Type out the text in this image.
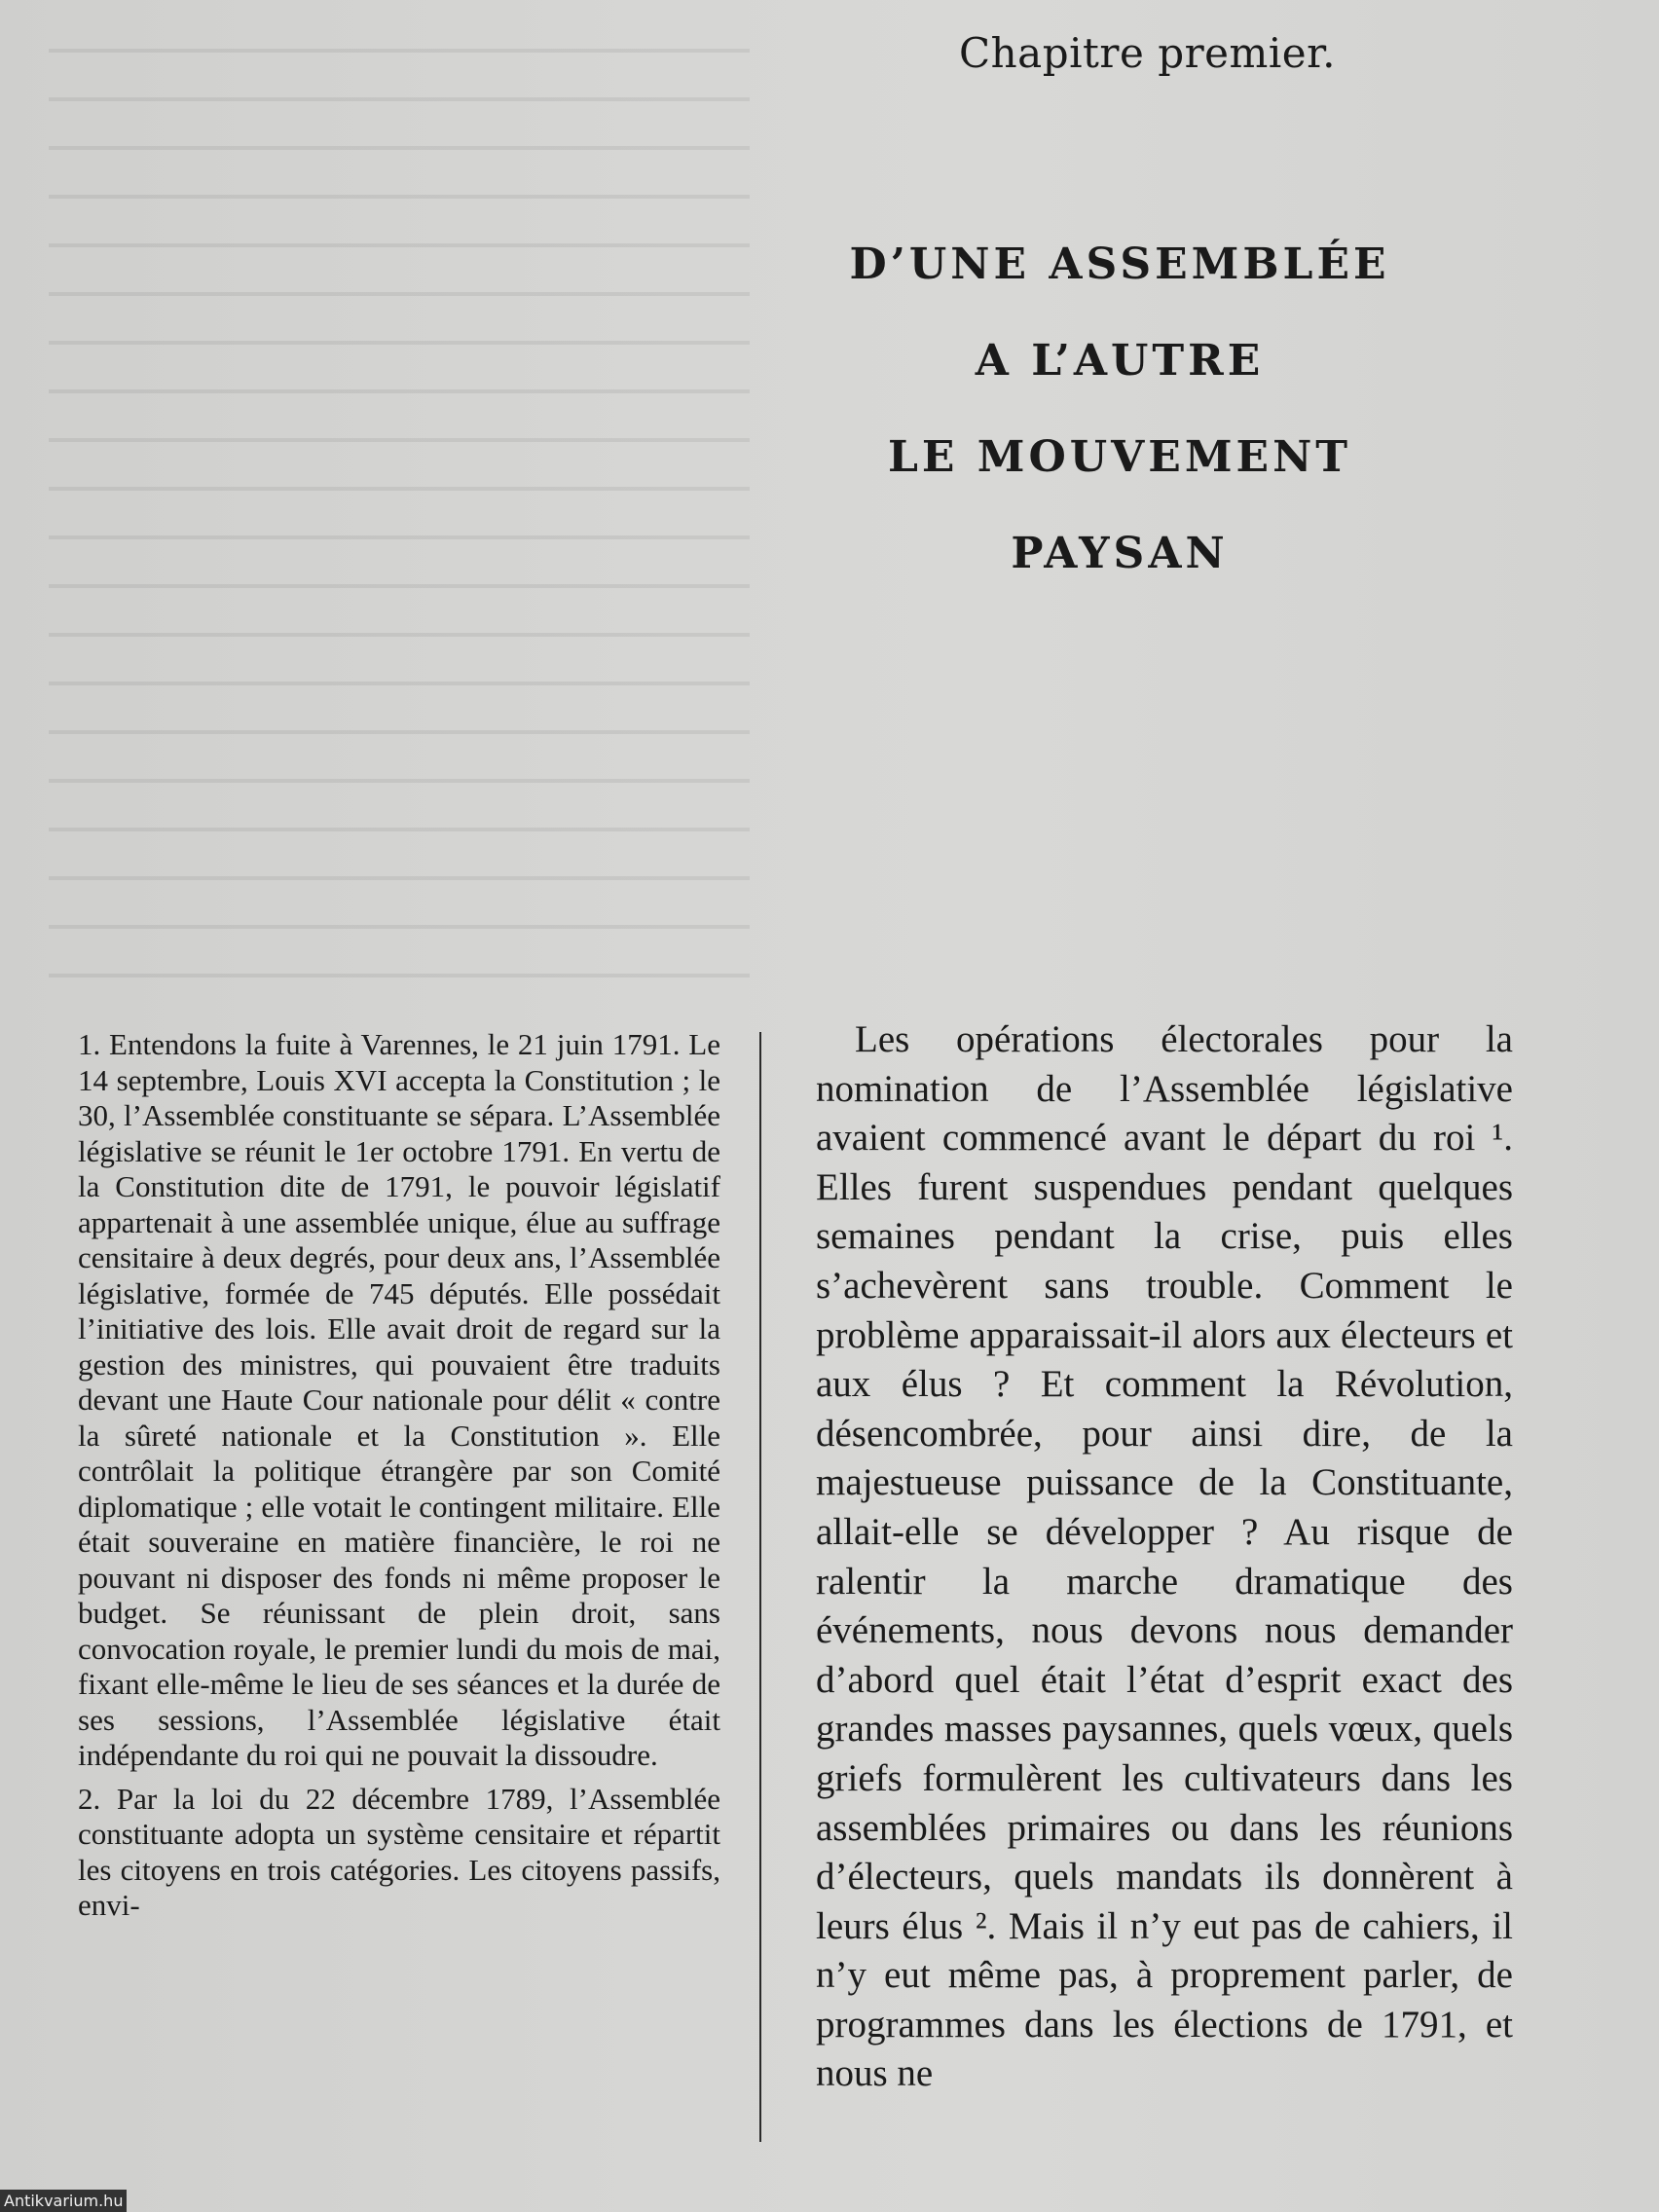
Chapitre premier.
D’UNE ASSEMBLÉE
A L’AUTRE
LE MOUVEMENT
PAYSAN

1. Entendons la fuite à Varennes, le 21 juin 1791. Le 14 septembre, Louis XVI accepta la Constitution ; le 30, l’Assemblée constituante se sépara. L’Assemblée législative se réunit le 1er octobre 1791. En vertu de la Constitution dite de 1791, le pouvoir législatif appartenait à une assemblée unique, élue au suffrage censitaire à deux degrés, pour deux ans, l’Assemblée législative, formée de 745 députés. Elle possédait l’initiative des lois. Elle avait droit de regard sur la gestion des ministres, qui pouvaient être traduits devant une Haute Cour nationale pour délit « contre la sûreté nationale et la Constitution ». Elle contrôlait la politique étrangère par son Comité diplomatique ; elle votait le contingent militaire. Elle était souveraine en matière financière, le roi ne pouvant ni disposer des fonds ni même proposer le budget. Se réunissant de plein droit, sans convocation royale, le premier lundi du mois de mai, fixant elle-même le lieu de ses séances et la durée de ses sessions, l’Assemblée législative était indépendante du roi qui ne pouvait la dissoudre.

2. Par la loi du 22 décembre 1789, l’Assemblée constituante adopta un système censitaire et répartit les citoyens en trois catégories. Les citoyens passifs, envi-

Les opérations électorales pour la nomination de l’Assemblée législative avaient commencé avant le départ du roi ¹. Elles furent suspendues pendant quelques semaines pendant la crise, puis elles s’achevèrent sans trouble. Comment le problème apparaissait-il alors aux électeurs et aux élus ? Et comment la Révolution, désencombrée, pour ainsi dire, de la majestueuse puissance de la Constituante, allait-elle se développer ? Au risque de ralentir la marche dramatique des événements, nous devons nous demander d’abord quel était l’état d’esprit exact des grandes masses paysannes, quels vœux, quels griefs formulèrent les cultivateurs dans les assemblées primaires ou dans les réunions d’électeurs, quels mandats ils donnèrent à leurs élus ². Mais il n’y eut pas de cahiers, il n’y eut même pas, à proprement parler, de programmes dans les élections de 1791, et nous ne

Antikvarium.hu
